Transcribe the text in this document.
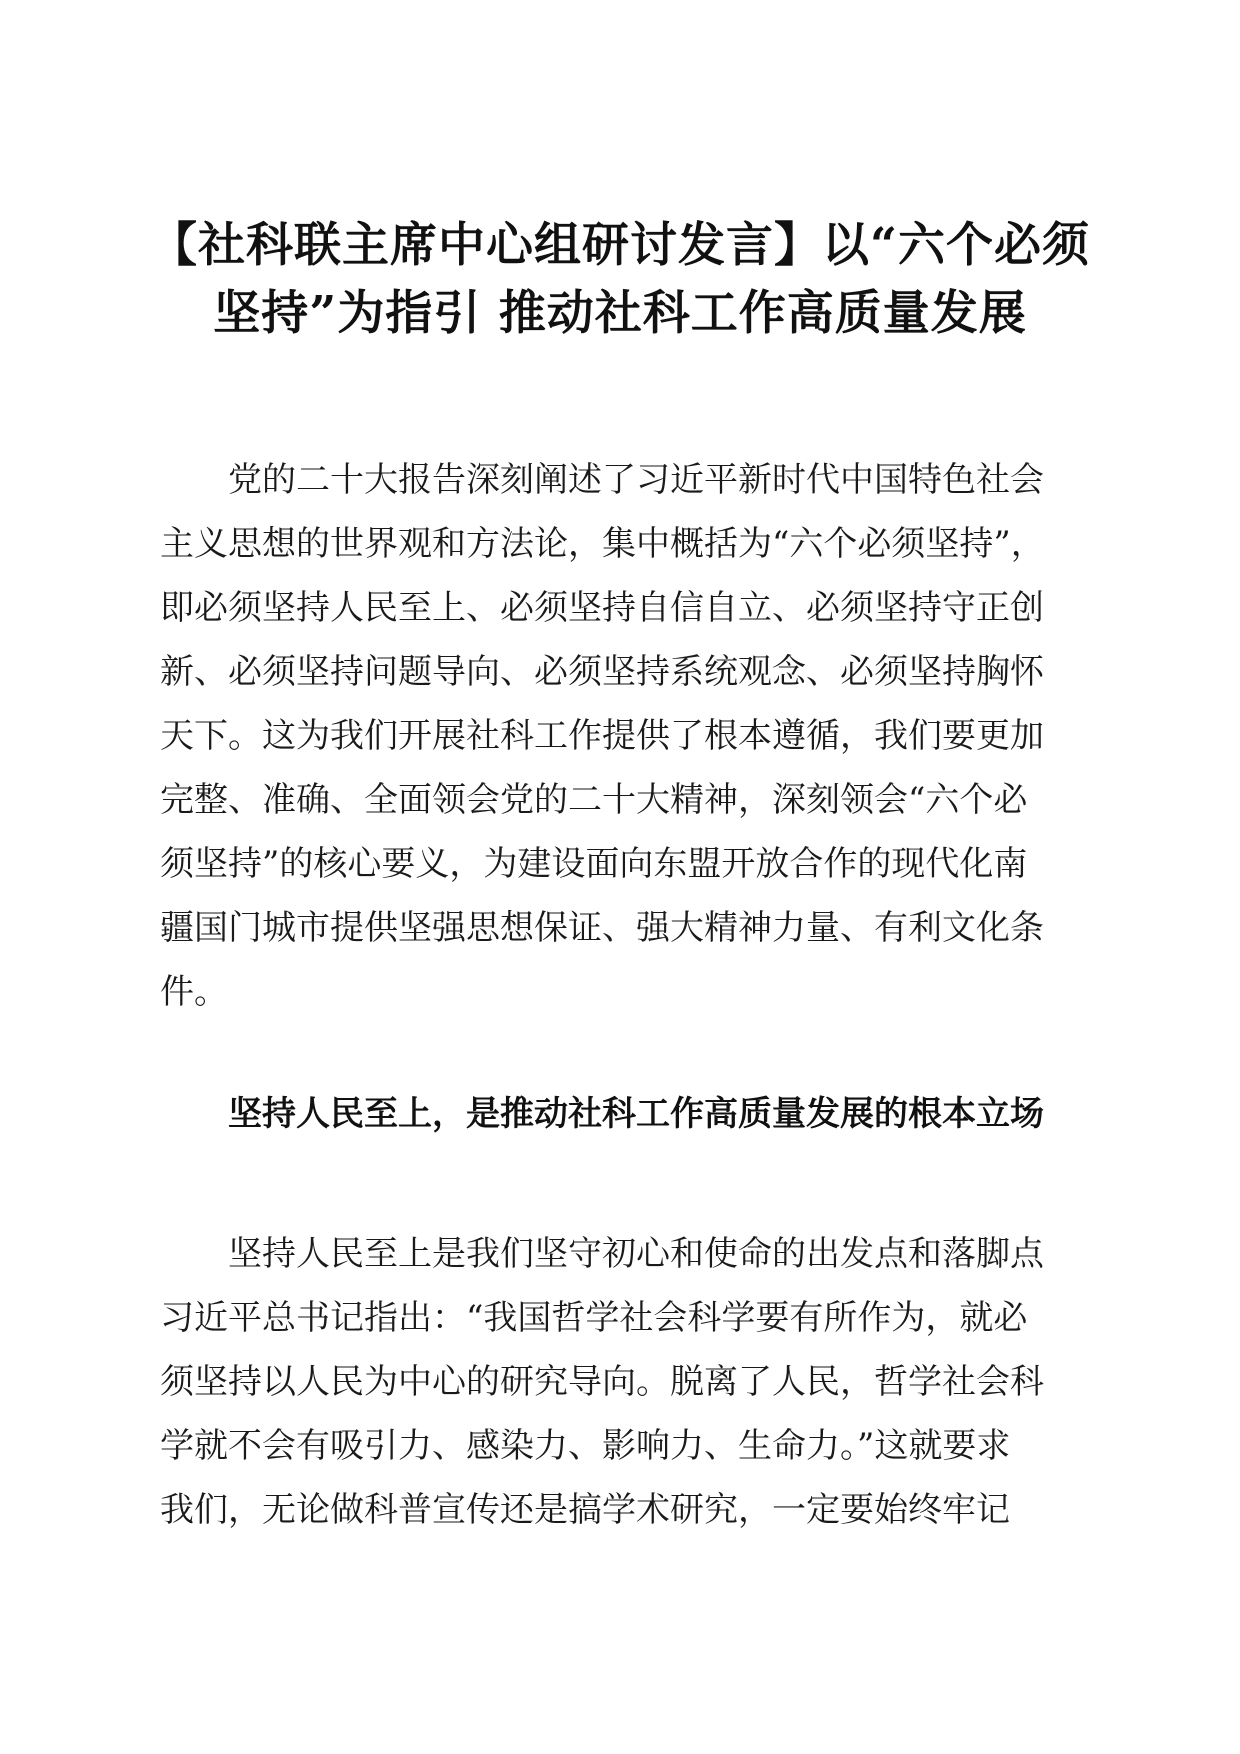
【社科联主席中心组研讨发言】以“六个必须
坚持”为指引 推动社科工作高质量发展
党的二十大报告深刻阐述了习近平新时代中国特色社会
主义思想的世界观和方法论，集中概括为“六个必须坚持”，
即必须坚持人民至上、必须坚持自信自立、必须坚持守正创
新、必须坚持问题导向、必须坚持系统观念、必须坚持胸怀
天下。这为我们开展社科工作提供了根本遵循，我们要更加
完整、准确、全面领会党的二十大精神，深刻领会“六个必
须坚持”的核心要义，为建设面向东盟开放合作的现代化南
疆国门城市提供坚强思想保证、强大精神力量、有利文化条
件。
坚持人民至上，是推动社科工作高质量发展的根本立场
坚持人民至上是我们坚守初心和使命的出发点和落脚点
习近平总书记指出：“我国哲学社会科学要有所作为，就必
须坚持以人民为中心的研究导向。脱离了人民，哲学社会科
学就不会有吸引力、感染力、影响力、生命力。”这就要求
我们，无论做科普宣传还是搞学术研究，一定要始终牢记
